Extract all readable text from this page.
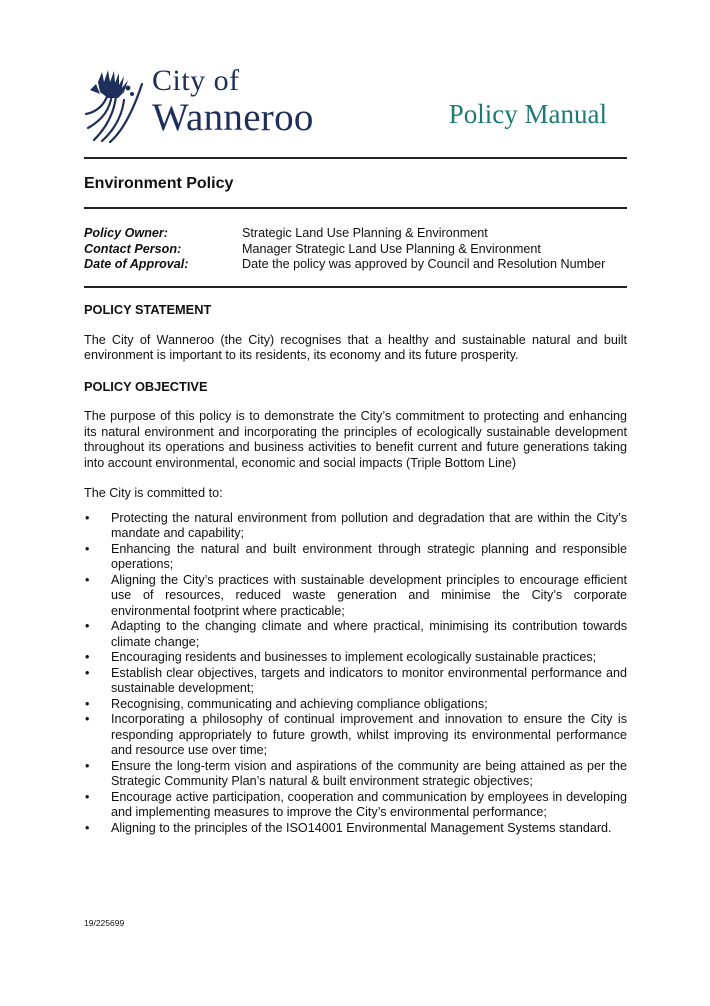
City of
Wanneroo	Policy Manual
Environment Policy
Policy Owner:	Strategic Land Use Planning & Environment
Contact Person:	Manager Strategic Land Use Planning & Environment
Date of Approval:	Date the policy was approved by Council and Resolution Number
POLICY STATEMENT

The City of Wanneroo (the City) recognises that a healthy and sustainable natural and built environment is important to its residents, its economy and its future prosperity.

POLICY OBJECTIVE

The purpose of this policy is to demonstrate the City’s commitment to protecting and enhancing its natural environment and incorporating the principles of ecologically sustainable development throughout its operations and business activities to benefit current and future generations taking into account environmental, economic and social impacts (Triple Bottom Line)

The City is committed to:

• Protecting the natural environment from pollution and degradation that are within the City’s mandate and capability;
• Enhancing the natural and built environment through strategic planning and responsible operations;
• Aligning the City’s practices with sustainable development principles to encourage efficient use of resources, reduced waste generation and minimise the City’s corporate environmental footprint where practicable;
• Adapting to the changing climate and where practical, minimising its contribution towards climate change;
• Encouraging residents and businesses to implement ecologically sustainable practices;
• Establish clear objectives, targets and indicators to monitor environmental performance and sustainable development;
• Recognising, communicating and achieving compliance obligations;
• Incorporating a philosophy of continual improvement and innovation to ensure the City is responding appropriately to future growth, whilst improving its environmental performance and resource use over time;
• Ensure the long-term vision and aspirations of the community are being attained as per the Strategic Community Plan’s natural & built environment strategic objectives;
• Encourage active participation, cooperation and communication by employees in developing and implementing measures to improve the City’s environmental performance;
• Aligning to the principles of the ISO14001 Environmental Management Systems standard.
19/225699
